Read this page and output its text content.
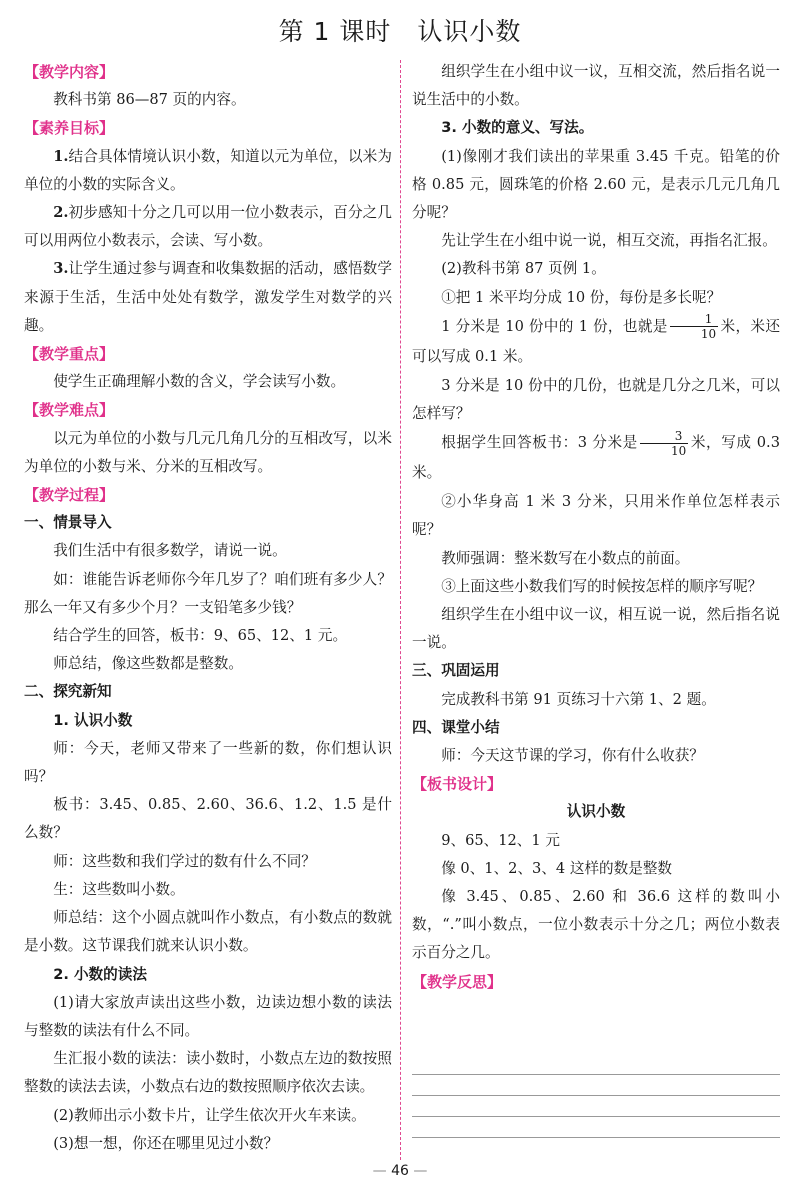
第 1 课时　认识小数

【教学内容】

教科书第 86—87 页的内容。

【素养目标】

1.结合具体情境认识小数，知道以元为单位，以米为单位的小数的实际含义。

2.初步感知十分之几可以用一位小数表示，百分之几可以用两位小数表示，会读、写小数。

3.让学生通过参与调查和收集数据的活动，感悟数学来源于生活，生活中处处有数学，激发学生对数学的兴趣。

【教学重点】

使学生正确理解小数的含义，学会读写小数。

【教学难点】

以元为单位的小数与几元几角几分的互相改写，以米为单位的小数与米、分米的互相改写。

【教学过程】

一、情景导入

我们生活中有很多数学，请说一说。

如：谁能告诉老师你今年几岁了？咱们班有多少人？那么一年又有多少个月？一支铅笔多少钱？

结合学生的回答，板书：9、65、12、1 元。

师总结，像这些数都是整数。

二、探究新知

1. 认识小数

师：今天，老师又带来了一些新的数，你们想认识吗？

板书：3.45、0.85、2.60、36.6、1.2、1.5 是什么数？

师：这些数和我们学过的数有什么不同？

生：这些数叫小数。

师总结：这个小圆点就叫作小数点，有小数点的数就是小数。这节课我们就来认识小数。

2. 小数的读法

(1)请大家放声读出这些小数，边读边想小数的读法与整数的读法有什么不同。

生汇报小数的读法：读小数时，小数点左边的数按照整数的读法去读，小数点右边的数按照顺序依次去读。

(2)教师出示小数卡片，让学生依次开火车来读。

(3)想一想，你还在哪里见过小数？

组织学生在小组中议一议，互相交流，然后指名说一说生活中的小数。

3. 小数的意义、写法。

(1)像刚才我们读出的苹果重 3.45 千克。铅笔的价格 0.85 元，圆珠笔的价格 2.60 元，是表示几元几角几分呢？

先让学生在小组中说一说，相互交流，再指名汇报。

(2)教科书第 87 页例 1。

①把 1 米平均分成 10 份，每份是多长呢？

1 分米是 10 份中的 1 份，也就是 $\frac{1}{10}$ 米，米还可以写成 0.1 米。

3 分米是 10 份中的几份，也就是几分之几米，可以怎样写？

根据学生回答板书：3 分米是 $\frac{3}{10}$ 米，写成 0.3 米。

②小华身高 1 米 3 分米，只用米作单位怎样表示呢？

教师强调：整米数写在小数点的前面。

③上面这些小数我们写的时候按怎样的顺序写呢？

组织学生在小组中议一议，相互说一说，然后指名说一说。

三、巩固运用

完成教科书第 91 页练习十六第 1、2 题。

四、课堂小结

师：今天这节课的学习，你有什么收获？

【板书设计】

认识小数

9、65、12、1 元

像 0、1、2、3、4 这样的数是整数

像 3.45、0.85、2.60 和 36.6 这样的数叫小数，“.”叫小数点，一位小数表示十分之几；两位小数表示百分之几。

【教学反思】

— 46 —
